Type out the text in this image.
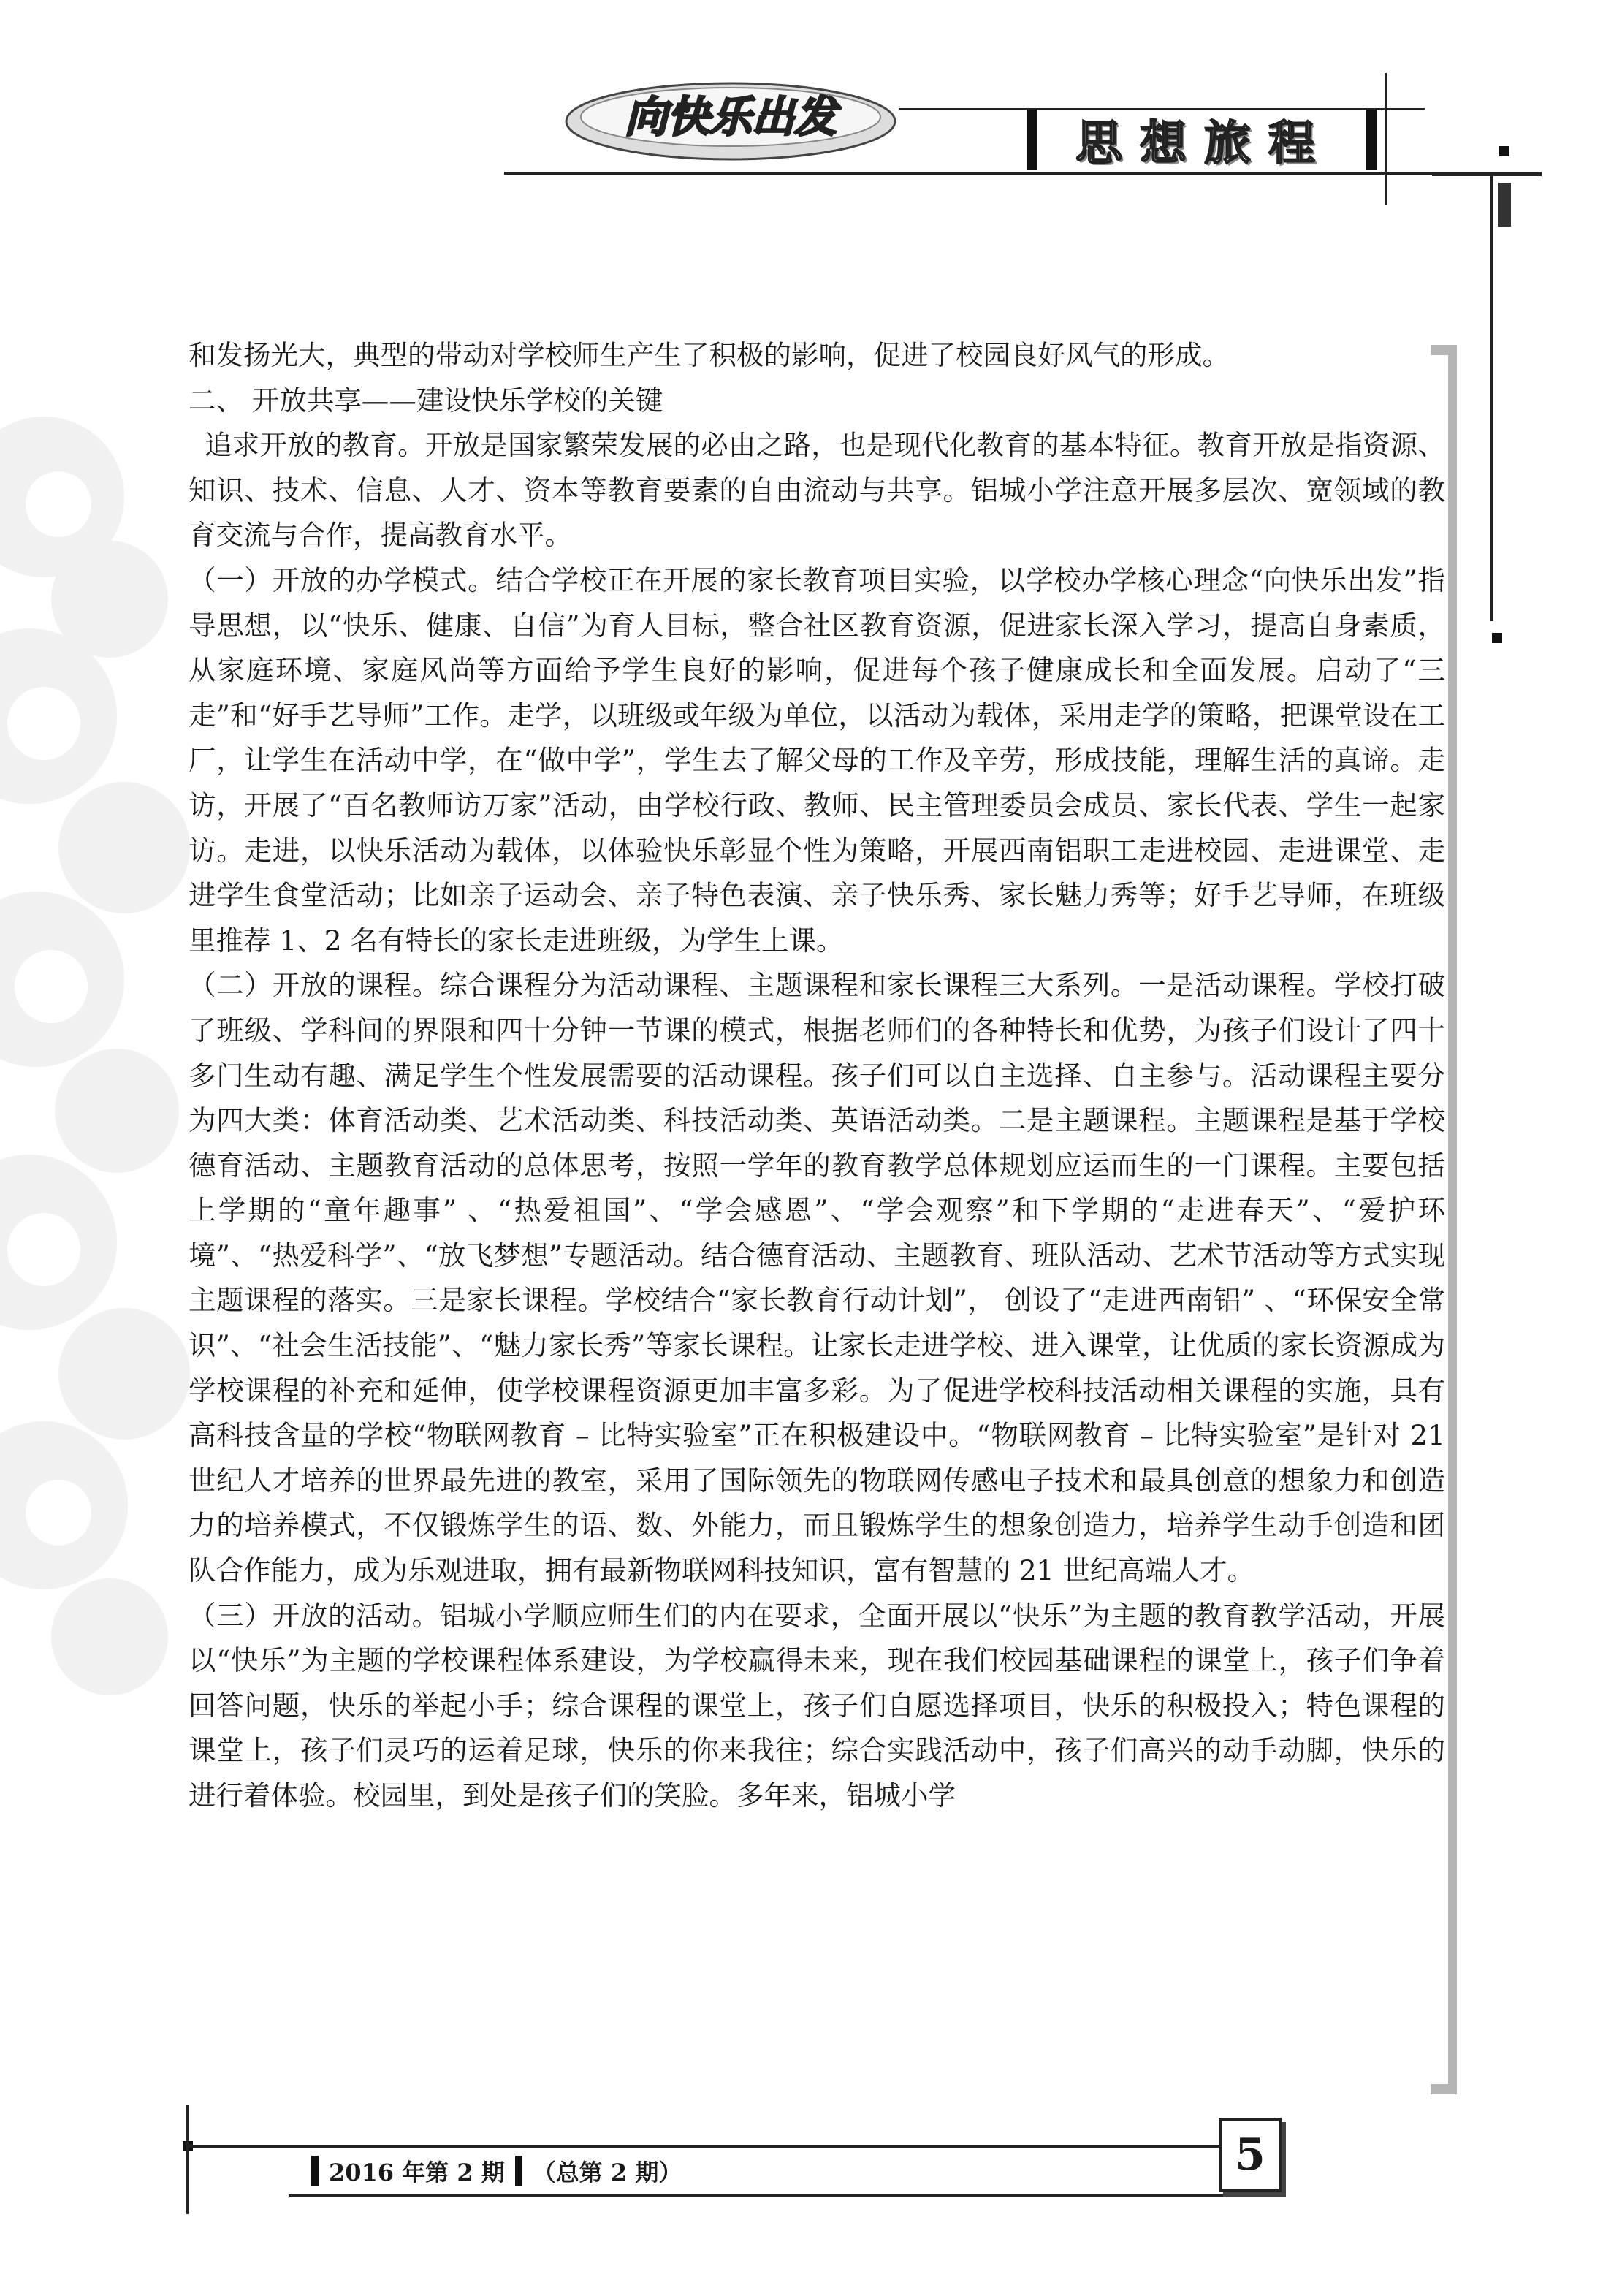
向快乐出发	思想旅程

和发扬光大，典型的带动对学校师生产生了积极的影响，促进了校园良好风气的形成。

二、 开放共享——建设快乐学校的关键

追求开放的教育。开放是国家繁荣发展的必由之路，也是现代化教育的基本特征。教育开放是指资源、知识、技术、信息、人才、资本等教育要素的自由流动与共享。铝城小学注意开展多层次、宽领域的教育交流与合作，提高教育水平。

（一）开放的办学模式。结合学校正在开展的家长教育项目实验，以学校办学核心理念“向快乐出发”指导思想，以“快乐、健康、自信”为育人目标，整合社区教育资源，促进家长深入学习，提高自身素质，从家庭环境、家庭风尚等方面给予学生良好的影响，促进每个孩子健康成长和全面发展。启动了“三走”和“好手艺导师”工作。走学，以班级或年级为单位，以活动为载体，采用走学的策略，把课堂设在工厂，让学生在活动中学，在“做中学”，学生去了解父母的工作及辛劳，形成技能，理解生活的真谛。走访，开展了“百名教师访万家”活动，由学校行政、教师、民主管理委员会成员、家长代表、学生一起家访。走进，以快乐活动为载体，以体验快乐彰显个性为策略，开展西南铝职工走进校园、走进课堂、走进学生食堂活动；比如亲子运动会、亲子特色表演、亲子快乐秀、家长魅力秀等；好手艺导师，在班级里推荐 1、2 名有特长的家长走进班级，为学生上课。

（二）开放的课程。综合课程分为活动课程、主题课程和家长课程三大系列。一是活动课程。学校打破了班级、学科间的界限和四十分钟一节课的模式，根据老师们的各种特长和优势，为孩子们设计了四十多门生动有趣、满足学生个性发展需要的活动课程。孩子们可以自主选择、自主参与。活动课程主要分为四大类：体育活动类、艺术活动类、科技活动类、英语活动类。二是主题课程。主题课程是基于学校德育活动、主题教育活动的总体思考，按照一学年的教育教学总体规划应运而生的一门课程。主要包括上学期的“童年趣事” 、“热爱祖国”、“学会感恩”、“学会观察”和下学期的“走进春天”、“爱护环境”、“热爱科学”、“放飞梦想”专题活动。结合德育活动、主题教育、班队活动、艺术节活动等方式实现主题课程的落实。三是家长课程。学校结合“家长教育行动计划”， 创设了“走进西南铝” 、“环保安全常识”、“社会生活技能”、“魅力家长秀”等家长课程。让家长走进学校、进入课堂，让优质的家长资源成为学校课程的补充和延伸，使学校课程资源更加丰富多彩。为了促进学校科技活动相关课程的实施，具有高科技含量的学校“物联网教育 – 比特实验室”正在积极建设中。“物联网教育 – 比特实验室”是针对 21 世纪人才培养的世界最先进的教室，采用了国际领先的物联网传感电子技术和最具创意的想象力和创造力的培养模式，不仅锻炼学生的语、数、外能力，而且锻炼学生的想象创造力，培养学生动手创造和团队合作能力，成为乐观进取，拥有最新物联网科技知识，富有智慧的 21 世纪高端人才。

（三）开放的活动。铝城小学顺应师生们的内在要求，全面开展以“快乐”为主题的教育教学活动，开展以“快乐”为主题的学校课程体系建设，为学校赢得未来，现在我们校园基础课程的课堂上，孩子们争着回答问题，快乐的举起小手；综合课程的课堂上，孩子们自愿选择项目，快乐的积极投入；特色课程的课堂上，孩子们灵巧的运着足球，快乐的你来我往；综合实践活动中，孩子们高兴的动手动脚，快乐的进行着体验。校园里，到处是孩子们的笑脸。多年来，铝城小学

2016 年第 2 期 （总第 2 期）	5
